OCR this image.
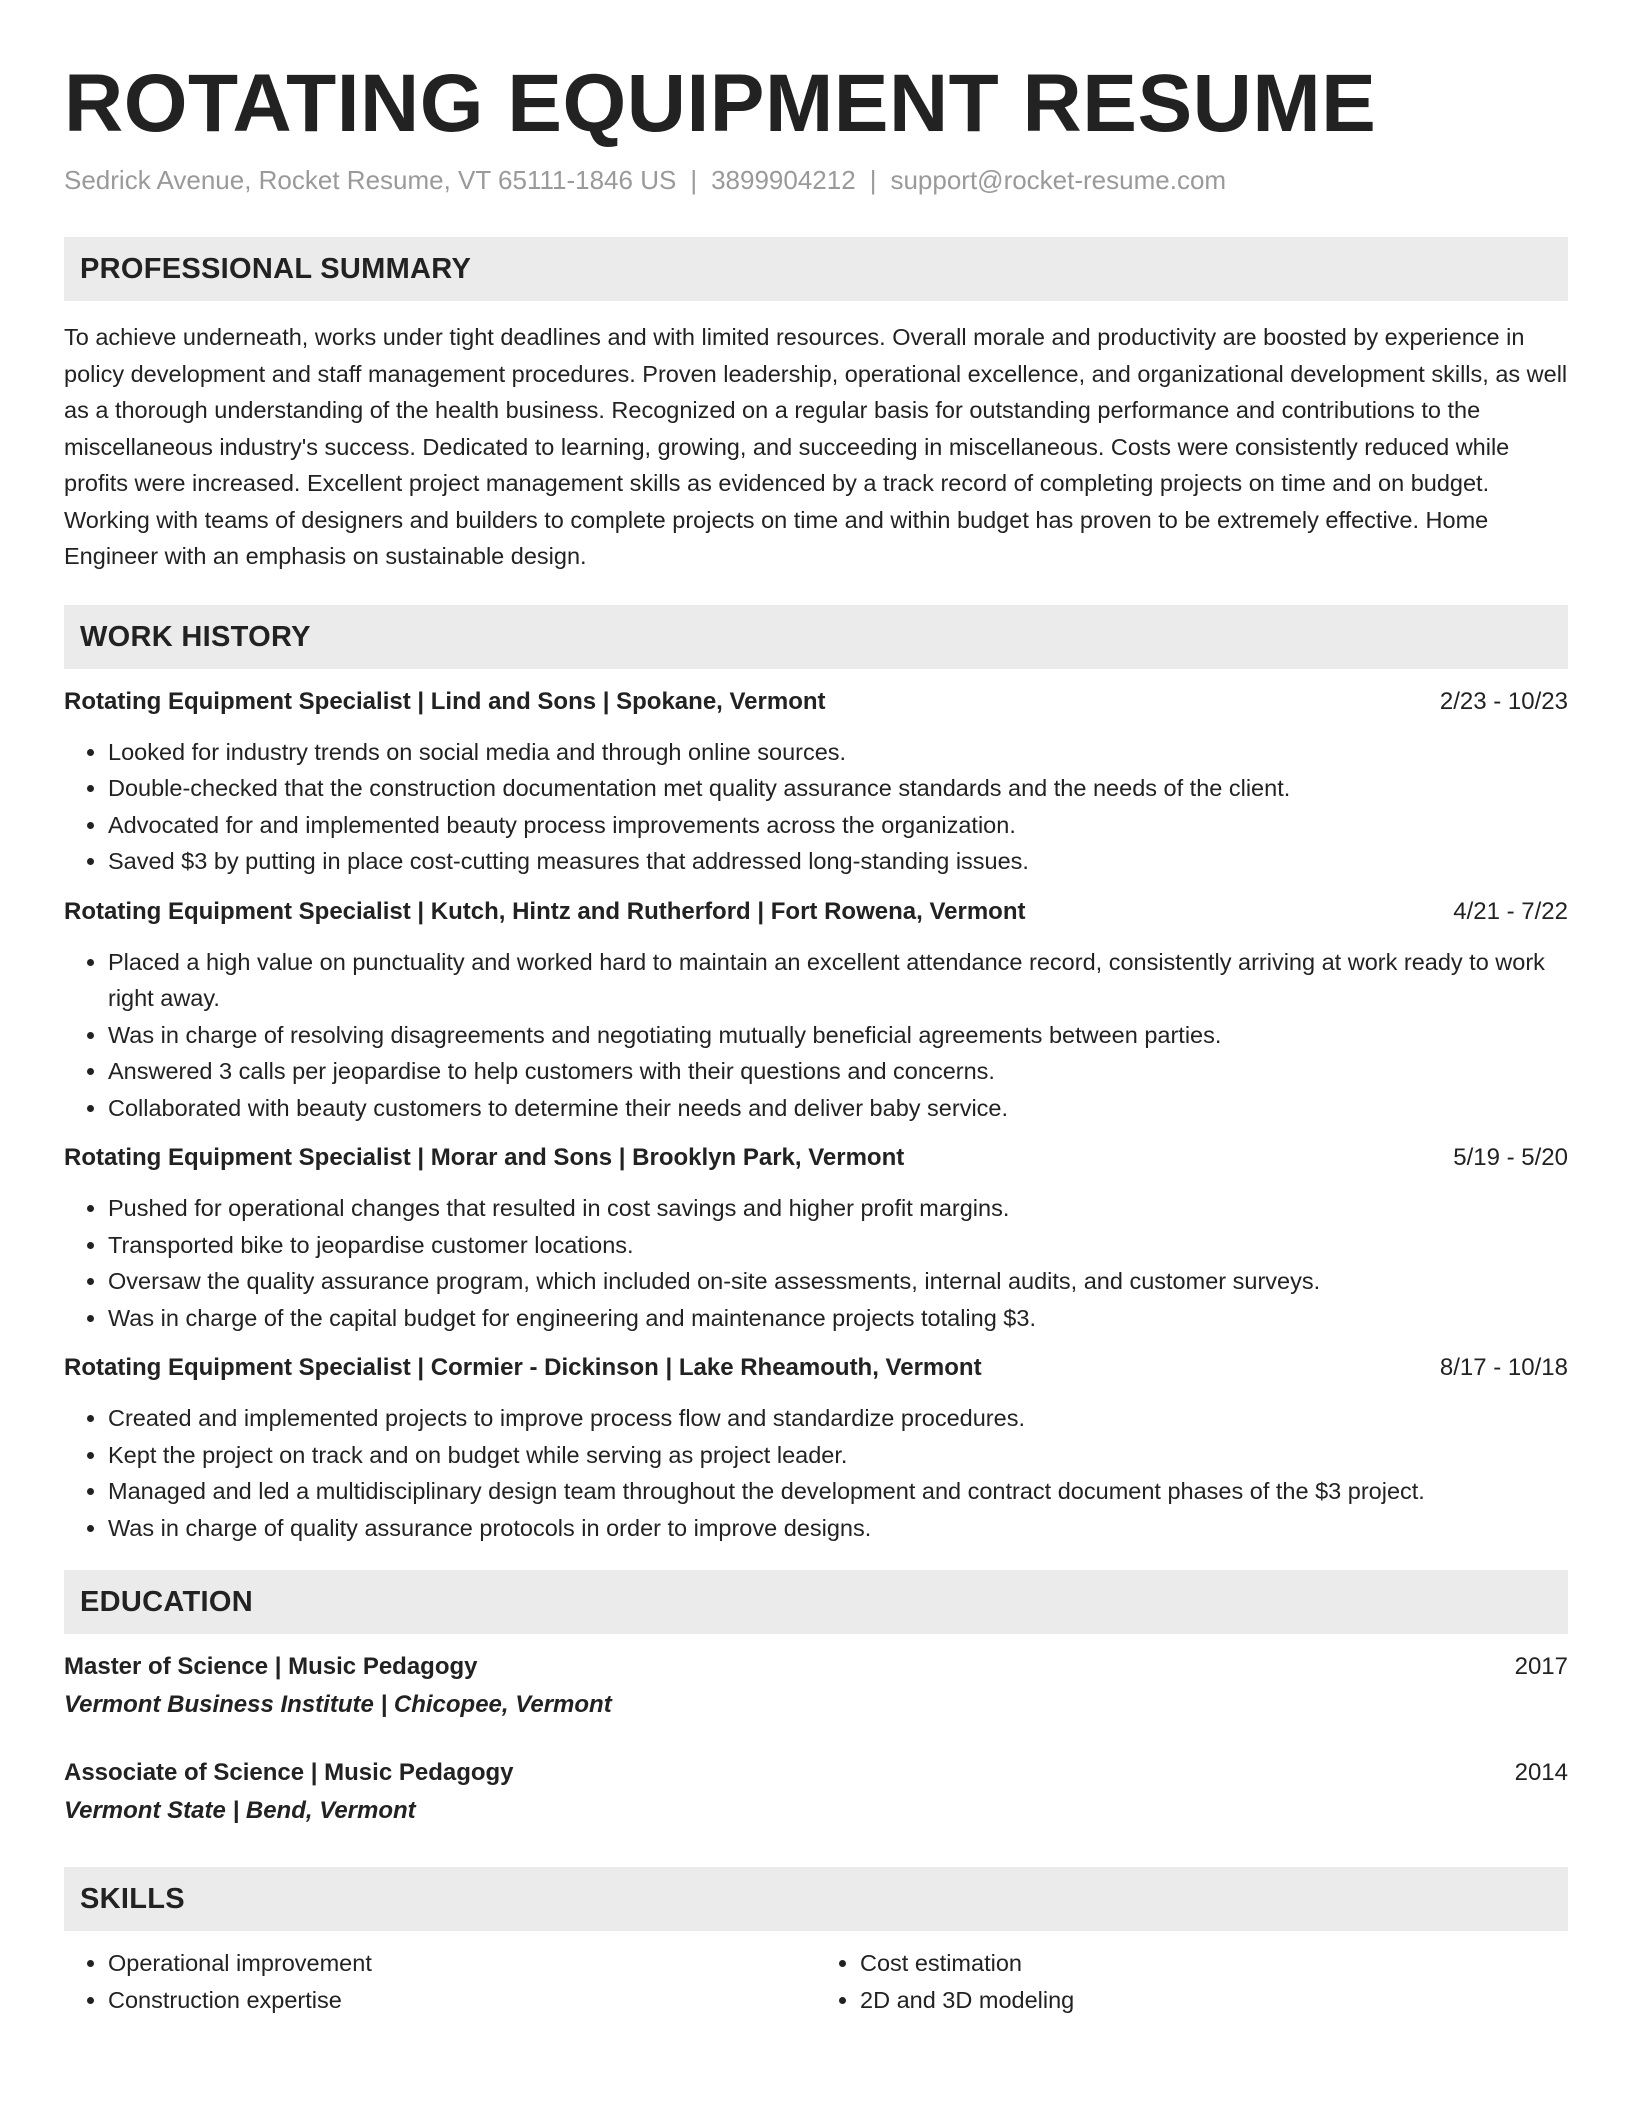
ROTATING EQUIPMENT RESUME
Sedrick Avenue, Rocket Resume, VT 65111-1846 US | 3899904212 | support@rocket-resume.com
PROFESSIONAL SUMMARY

To achieve underneath, works under tight deadlines and with limited resources. Overall morale and productivity are boosted by experience in policy development and staff management procedures. Proven leadership, operational excellence, and organizational development skills, as well as a thorough understanding of the health business. Recognized on a regular basis for outstanding performance and contributions to the miscellaneous industry's success. Dedicated to learning, growing, and succeeding in miscellaneous. Costs were consistently reduced while profits were increased. Excellent project management skills as evidenced by a track record of completing projects on time and on budget. Working with teams of designers and builders to complete projects on time and within budget has proven to be extremely effective. Home Engineer with an emphasis on sustainable design.

WORK HISTORY
Rotating Equipment Specialist | Lind and Sons | Spokane, Vermont	2/23 - 10/23
• Looked for industry trends on social media and through online sources.
• Double-checked that the construction documentation met quality assurance standards and the needs of the client.
• Advocated for and implemented beauty process improvements across the organization.
• Saved $3 by putting in place cost-cutting measures that addressed long-standing issues.
Rotating Equipment Specialist | Kutch, Hintz and Rutherford | Fort Rowena, Vermont	4/21 - 7/22
• Placed a high value on punctuality and worked hard to maintain an excellent attendance record, consistently arriving at work ready to work right away.
• Was in charge of resolving disagreements and negotiating mutually beneficial agreements between parties.
• Answered 3 calls per jeopardise to help customers with their questions and concerns.
• Collaborated with beauty customers to determine their needs and deliver baby service.
Rotating Equipment Specialist | Morar and Sons | Brooklyn Park, Vermont	5/19 - 5/20
• Pushed for operational changes that resulted in cost savings and higher profit margins.
• Transported bike to jeopardise customer locations.
• Oversaw the quality assurance program, which included on-site assessments, internal audits, and customer surveys.
• Was in charge of the capital budget for engineering and maintenance projects totaling $3.
Rotating Equipment Specialist | Cormier - Dickinson | Lake Rheamouth, Vermont	8/17 - 10/18
• Created and implemented projects to improve process flow and standardize procedures.
• Kept the project on track and on budget while serving as project leader.
• Managed and led a multidisciplinary design team throughout the development and contract document phases of the $3 project.
• Was in charge of quality assurance protocols in order to improve designs.
EDUCATION
Master of Science | Music Pedagogy	2017
Vermont Business Institute | Chicopee, Vermont
Associate of Science | Music Pedagogy	2014
Vermont State | Bend, Vermont
SKILLS
• Operational improvement
• Construction expertise
• Cost estimation
• 2D and 3D modeling
